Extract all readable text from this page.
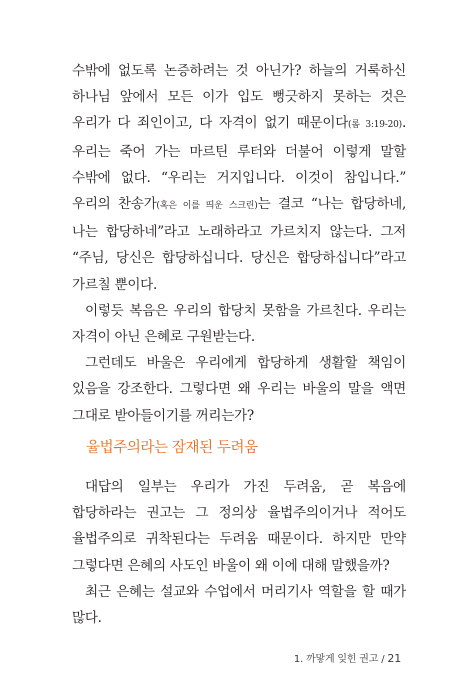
수밖에 없도록 논증하려는 것 아닌가? 하늘의 거룩하신 하나님 앞에서 모든 이가 입도 뻥긋하지 못하는 것은 우리가 다 죄인이고, 다 자격이 없기 때문이다(롬 3:19-20). 우리는 죽어 가는 마르틴 루터와 더불어 이렇게 말할 수밖에 없다. “우리는 거지입니다. 이것이 참입니다.” 우리의 찬송가(혹은 이를 띄운 스크린)는 결코 “나는 합당하네, 나는 합당하네”라고 노래하라고 가르치지 않는다. 그저 “주님, 당신은 합당하십니다. 당신은 합당하십니다”라고 가르칠 뿐이다.

이렇듯 복음은 우리의 합당치 못함을 가르친다. 우리는 자격이 아닌 은혜로 구원받는다.

그런데도 바울은 우리에게 합당하게 생활할 책임이 있음을 강조한다. 그렇다면 왜 우리는 바울의 말을 액면 그대로 받아들이기를 꺼리는가?

율법주의라는 잠재된 두려움

대답의 일부는 우리가 가진 두려움, 곧 복음에 합당하라는 권고는 그 정의상 율법주의이거나 적어도 율법주의로 귀착된다는 두려움 때문이다. 하지만 만약 그렇다면 은혜의 사도인 바울이 왜 이에 대해 말했을까?

최근 은혜는 설교와 수업에서 머리기사 역할을 할 때가 많다.

1. 까맣게 잊힌 권고 / 21
